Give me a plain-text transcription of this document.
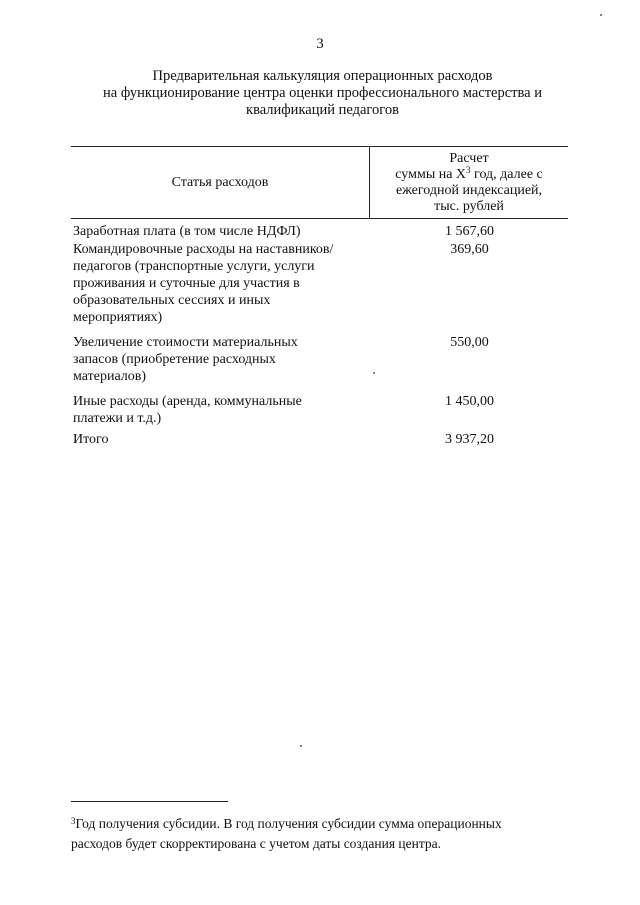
3
Предварительная калькуляция операционных расходов
на функционирование центра оценки профессионального мастерства и
квалификаций педагогов
Статья расходов
Расчет
суммы на $X^3$ год, далее с
ежегодной индексацией,
тыс. рублей
Заработная плата (в том числе НДФЛ)	1 567,60
Командировочные расходы на наставников/
педагогов (транспортные услуги, услуги
проживания и суточные для участия в
образовательных сессиях и иных
мероприятиях)
369,60
Увеличение стоимости материальных
запасов (приобретение расходных
материалов)
550,00
Иные расходы (аренда, коммунальные
платежи и т.д.)
1 450,00
Итого	3 937,20
$^3$Год получения субсидии. В год получения субсидии сумма операционных
расходов будет скорректирована с учетом даты создания центра.
